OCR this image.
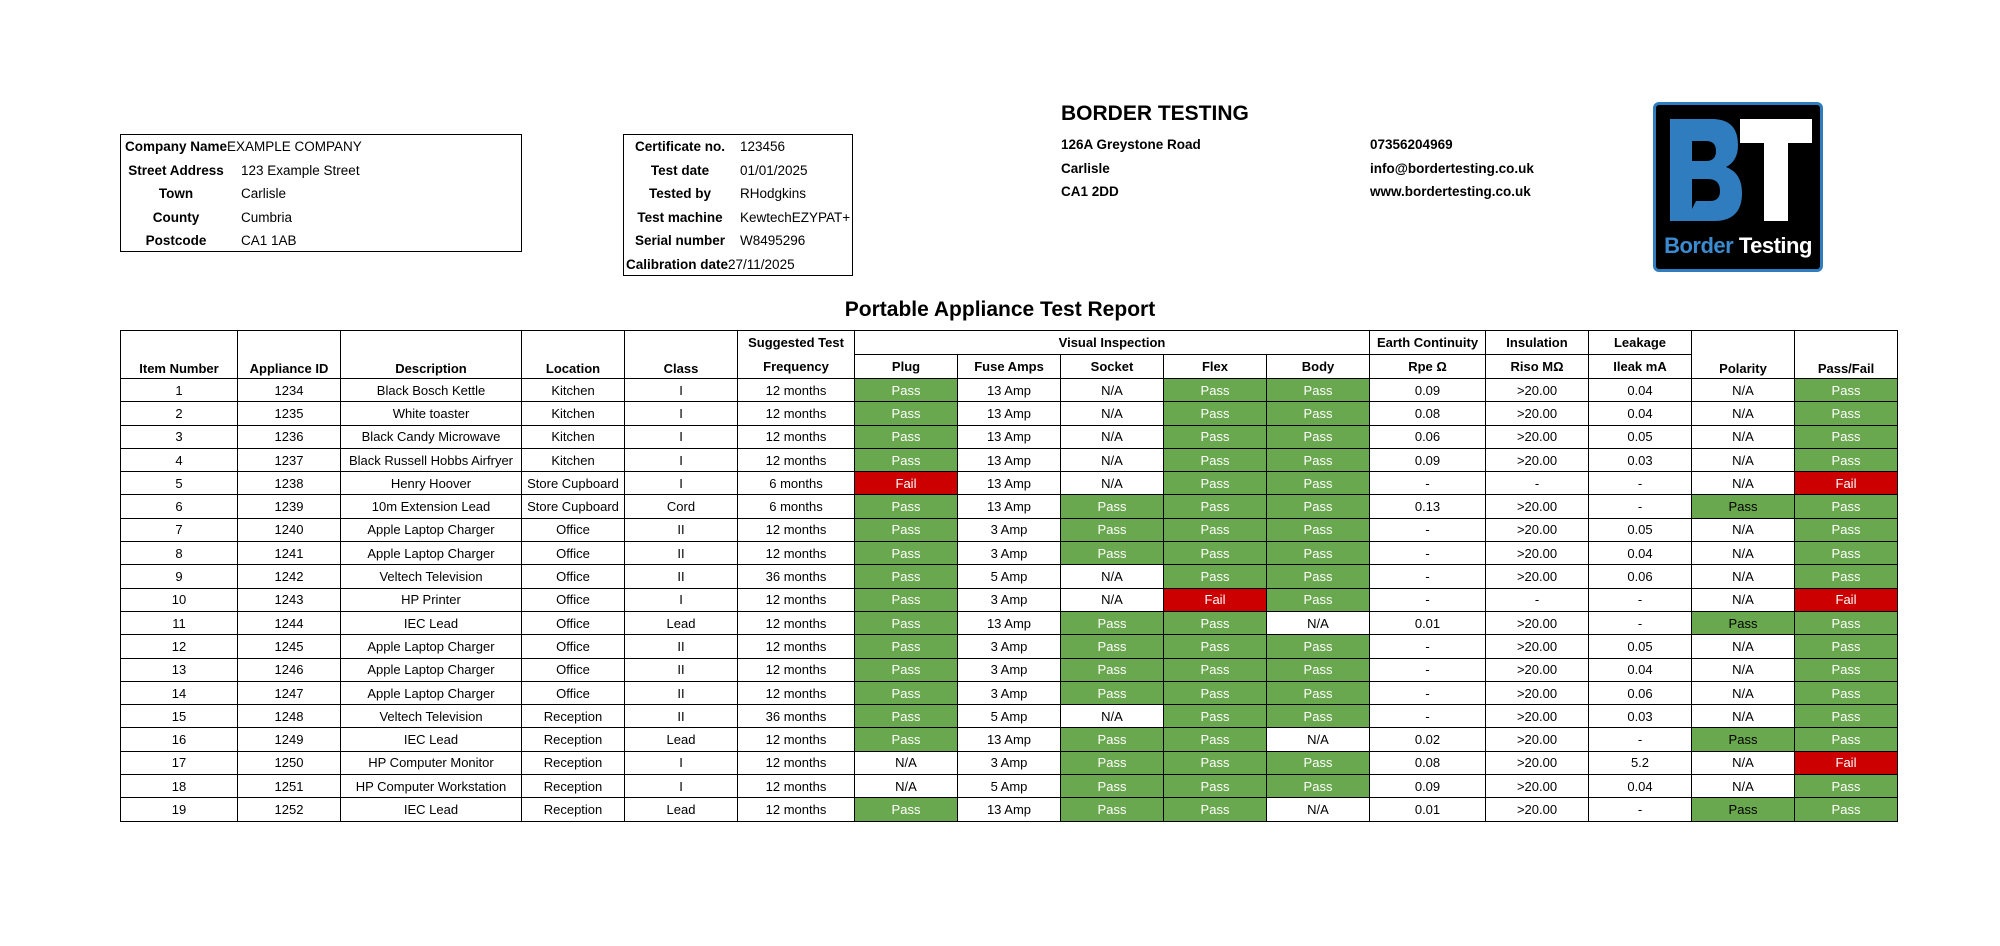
Company Name EXAMPLE COMPANY
Street Address	123 Example Street
Town	Carlisle
County	Cumbria
Postcode	CA1 1AB
Certificate no.	123456
Test date	01/01/2025
Tested by	RHodgkins
Test machine	KewtechEZYPAT+
Serial number	W8495296
Calibration date 27/11/2025
BORDER TESTING
126A Greystone Road
Carlisle
CA1 2DD
07356204969
info@bordertesting.co.uk
www.bordertesting.co.uk
Border Testing
Portable Appliance Test Report
Item Number	Appliance ID	Description	Location	Class	Suggested Test	Visual Inspection					Earth Continuity	Insulation	Leakage	Polarity	Pass/Fail
					Frequency	Plug	Fuse Amps	Socket	Flex	Body	Rpe Ω	Riso MΩ	Ileak mA		
1	1234	Black Bosch Kettle	Kitchen	I	12 months	Pass	13 Amp	N/A	Pass	Pass	0.09	>20.00	0.04	N/A	Pass
2	1235	White toaster	Kitchen	I	12 months	Pass	13 Amp	N/A	Pass	Pass	0.08	>20.00	0.04	N/A	Pass
3	1236	Black Candy Microwave	Kitchen	I	12 months	Pass	13 Amp	N/A	Pass	Pass	0.06	>20.00	0.05	N/A	Pass
4	1237	Black Russell Hobbs Airfryer	Kitchen	I	12 months	Pass	13 Amp	N/A	Pass	Pass	0.09	>20.00	0.03	N/A	Pass
5	1238	Henry Hoover	Store Cupboard	I	6 months	Fail	13 Amp	N/A	Pass	Pass	-	-	-	N/A	Fail
6	1239	10m Extension Lead	Store Cupboard	Cord	6 months	Pass	13 Amp	Pass	Pass	Pass	0.13	>20.00	-	Pass	Pass
7	1240	Apple Laptop Charger	Office	II	12 months	Pass	3 Amp	Pass	Pass	Pass	-	>20.00	0.05	N/A	Pass
8	1241	Apple Laptop Charger	Office	II	12 months	Pass	3 Amp	Pass	Pass	Pass	-	>20.00	0.04	N/A	Pass
9	1242	Veltech Television	Office	II	36 months	Pass	5 Amp	N/A	Pass	Pass	-	>20.00	0.06	N/A	Pass
10	1243	HP Printer	Office	I	12 months	Pass	3 Amp	N/A	Fail	Pass	-	-	-	N/A	Fail
11	1244	IEC Lead	Office	Lead	12 months	Pass	13 Amp	Pass	Pass	N/A	0.01	>20.00	-	Pass	Pass
12	1245	Apple Laptop Charger	Office	II	12 months	Pass	3 Amp	Pass	Pass	Pass	-	>20.00	0.05	N/A	Pass
13	1246	Apple Laptop Charger	Office	II	12 months	Pass	3 Amp	Pass	Pass	Pass	-	>20.00	0.04	N/A	Pass
14	1247	Apple Laptop Charger	Office	II	12 months	Pass	3 Amp	Pass	Pass	Pass	-	>20.00	0.06	N/A	Pass
15	1248	Veltech Television	Reception	II	36 months	Pass	5 Amp	N/A	Pass	Pass	-	>20.00	0.03	N/A	Pass
16	1249	IEC Lead	Reception	Lead	12 months	Pass	13 Amp	Pass	Pass	N/A	0.02	>20.00	-	Pass	Pass
17	1250	HP Computer Monitor	Reception	I	12 months	N/A	3 Amp	Pass	Pass	Pass	0.08	>20.00	5.2	N/A	Fail
18	1251	HP Computer Workstation	Reception	I	12 months	N/A	5 Amp	Pass	Pass	Pass	0.09	>20.00	0.04	N/A	Pass
19	1252	IEC Lead	Reception	Lead	12 months	Pass	13 Amp	Pass	Pass	N/A	0.01	>20.00	-	Pass	Pass
